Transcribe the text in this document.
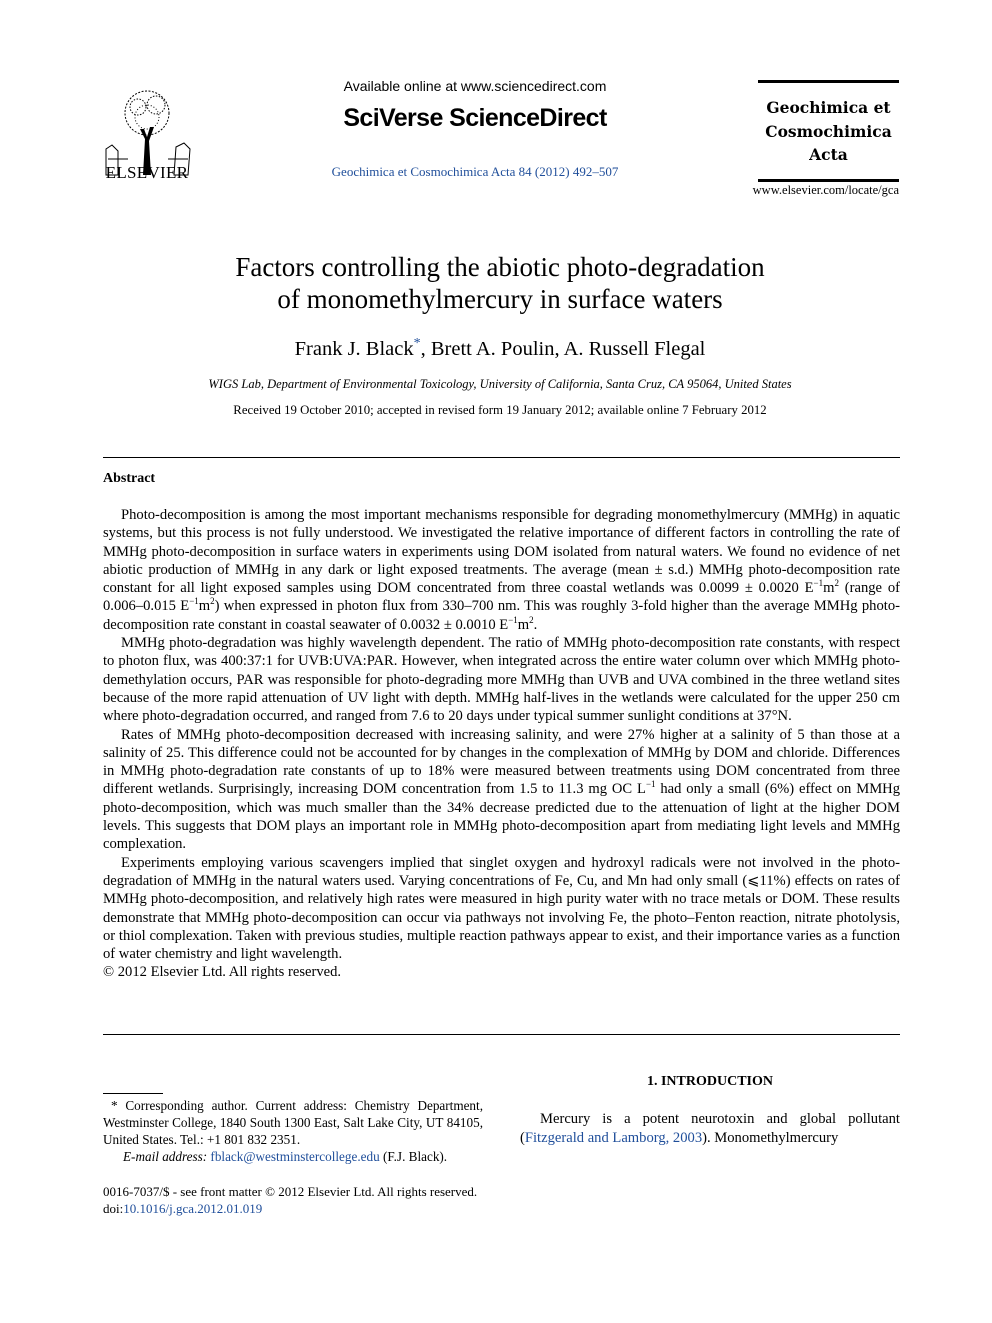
ELSEVIER
Available online at www.sciencedirect.com
SciVerse ScienceDirect
Geochimica et Cosmochimica Acta 84 (2012) 492–507
Geochimica et
Cosmochimica
Acta
www.elsevier.com/locate/gca
Factors controlling the abiotic photo-degradation
of monomethylmercury in surface waters
Frank J. Black*, Brett A. Poulin, A. Russell Flegal
WIGS Lab, Department of Environmental Toxicology, University of California, Santa Cruz, CA 95064, United States
Received 19 October 2010; accepted in revised form 19 January 2012; available online 7 February 2012
Abstract

Photo-decomposition is among the most important mechanisms responsible for degrading monomethylmercury (MMHg) in aquatic systems, but this process is not fully understood. We investigated the relative importance of different factors in controlling the rate of MMHg photo-decomposition in surface waters in experiments using DOM isolated from natural waters. We found no evidence of net abiotic production of MMHg in any dark or light exposed treatments. The average (mean ± s.d.) MMHg photo-decomposition rate constant for all light exposed samples using DOM concentrated from three coastal wetlands was 0.0099 ± 0.0020 $E^{-1}m^2$ (range of 0.006–0.015 $E^{-1}m^2$) when expressed in photon flux from 330–700 nm. This was roughly 3-fold higher than the average MMHg photo-decomposition rate constant in coastal seawater of 0.0032 ± 0.0010 $E^{-1}m^2$.

MMHg photo-degradation was highly wavelength dependent. The ratio of MMHg photo-decomposition rate constants, with respect to photon flux, was 400:37:1 for UVB:UVA:PAR. However, when integrated across the entire water column over which MMHg photo-demethylation occurs, PAR was responsible for photo-degrading more MMHg than UVB and UVA combined in the three wetland sites because of the more rapid attenuation of UV light with depth. MMHg half-lives in the wetlands were calculated for the upper 250 cm where photo-degradation occurred, and ranged from 7.6 to 20 days under typical summer sunlight conditions at 37°N.

Rates of MMHg photo-decomposition decreased with increasing salinity, and were 27% higher at a salinity of 5 than those at a salinity of 25. This difference could not be accounted for by changes in the complexation of MMHg by DOM and chloride. Differences in MMHg photo-degradation rate constants of up to 18% were measured between treatments using DOM concentrated from three different wetlands. Surprisingly, increasing DOM concentration from 1.5 to 11.3 mg OC $L^{-1}$ had only a small (6%) effect on MMHg photo-decomposition, which was much smaller than the 34% decrease predicted due to the attenuation of light at the higher DOM levels. This suggests that DOM plays an important role in MMHg photo-decomposition apart from mediating light levels and MMHg complexation.

Experiments employing various scavengers implied that singlet oxygen and hydroxyl radicals were not involved in the photo-degradation of MMHg in the natural waters used. Varying concentrations of Fe, Cu, and Mn had only small (⩽11%) effects on rates of MMHg photo-decomposition, and relatively high rates were measured in high purity water with no trace metals or DOM. These results demonstrate that MMHg photo-decomposition can occur via pathways not involving Fe, the photo–Fenton reaction, nitrate photolysis, or thiol complexation. Taken with previous studies, multiple reaction pathways appear to exist, and their importance varies as a function of water chemistry and light wavelength.

© 2012 Elsevier Ltd. All rights reserved.

* Corresponding author. Current address: Chemistry Department, Westminster College, 1840 South 1300 East, Salt Lake City, UT 84105, United States. Tel.: +1 801 832 2351.

E-mail address: fblack@westminstercollege.edu (F.J. Black).

0016-7037/$ - see front matter © 2012 Elsevier Ltd. All rights reserved.
doi:10.1016/j.gca.2012.01.019
1. INTRODUCTION

Mercury is a potent neurotoxin and global pollutant (Fitzgerald and Lamborg, 2003). Monomethylmercury
